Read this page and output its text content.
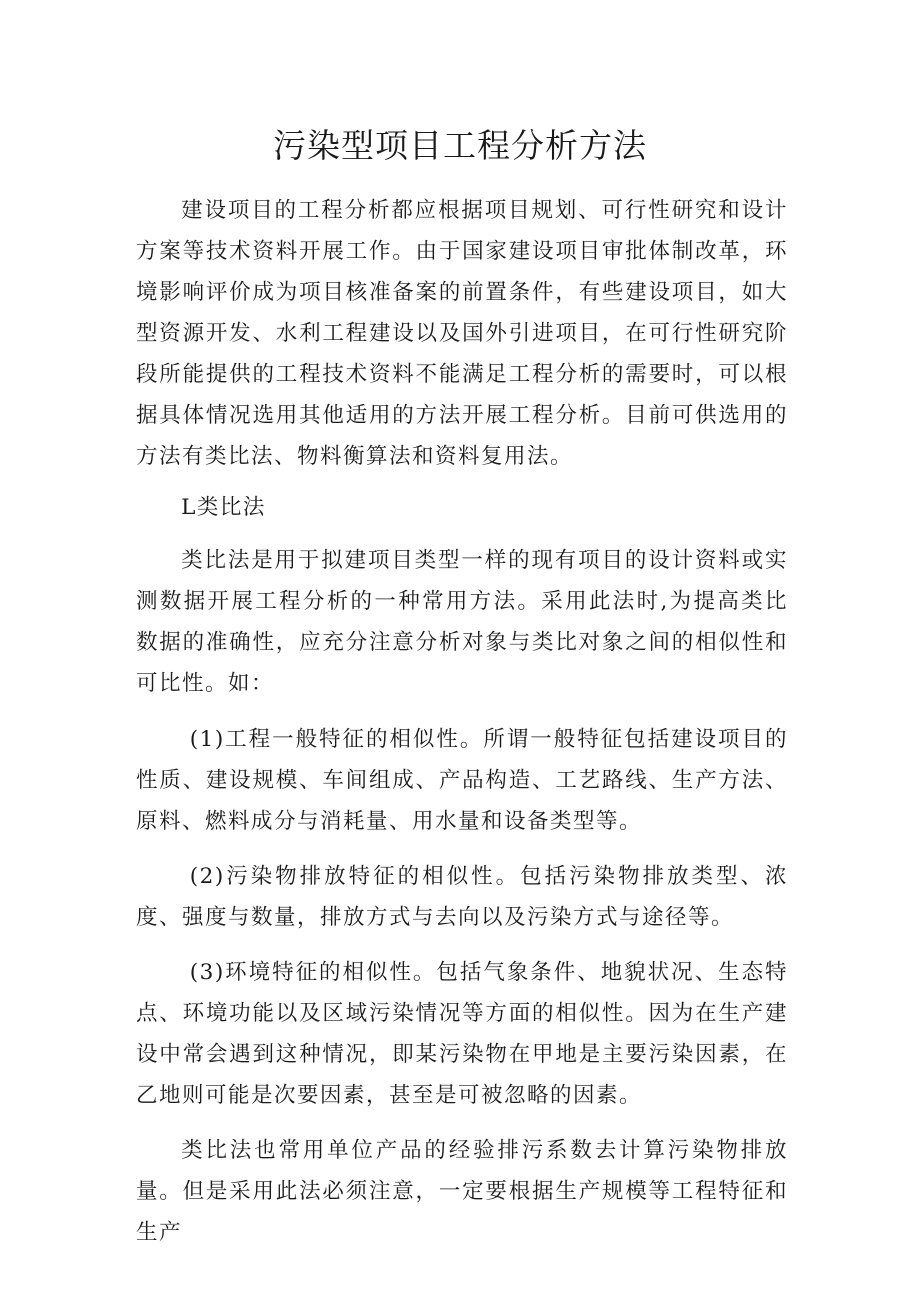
污染型项目工程分析方法

建设项目的工程分析都应根据项目规划、可行性研究和设计方案等技术资料开展工作。由于国家建设项目审批体制改革，环境影响评价成为项目核准备案的前置条件，有些建设项目，如大型资源开发、水利工程建设以及国外引进项目，在可行性研究阶段所能提供的工程技术资料不能满足工程分析的需要时，可以根据具体情况选用其他适用的方法开展工程分析。目前可供选用的方法有类比法、物料衡算法和资料复用法。

L类比法

类比法是用于拟建项目类型一样的现有项目的设计资料或实测数据开展工程分析的一种常用方法。采用此法时,为提高类比数据的准确性，应充分注意分析对象与类比对象之间的相似性和可比性。如：

(1)工程一般特征的相似性。所谓一般特征包括建设项目的性质、建设规模、车间组成、产品构造、工艺路线、生产方法、原料、燃料成分与消耗量、用水量和设备类型等。

(2)污染物排放特征的相似性。包括污染物排放类型、浓度、强度与数量，排放方式与去向以及污染方式与途径等。

(3)环境特征的相似性。包括气象条件、地貌状况、生态特点、环境功能以及区域污染情况等方面的相似性。因为在生产建设中常会遇到这种情况，即某污染物在甲地是主要污染因素，在乙地则可能是次要因素，甚至是可被忽略的因素。

类比法也常用单位产品的经验排污系数去计算污染物排放量。但是采用此法必须注意，一定要根据生产规模等工程特征和生产
